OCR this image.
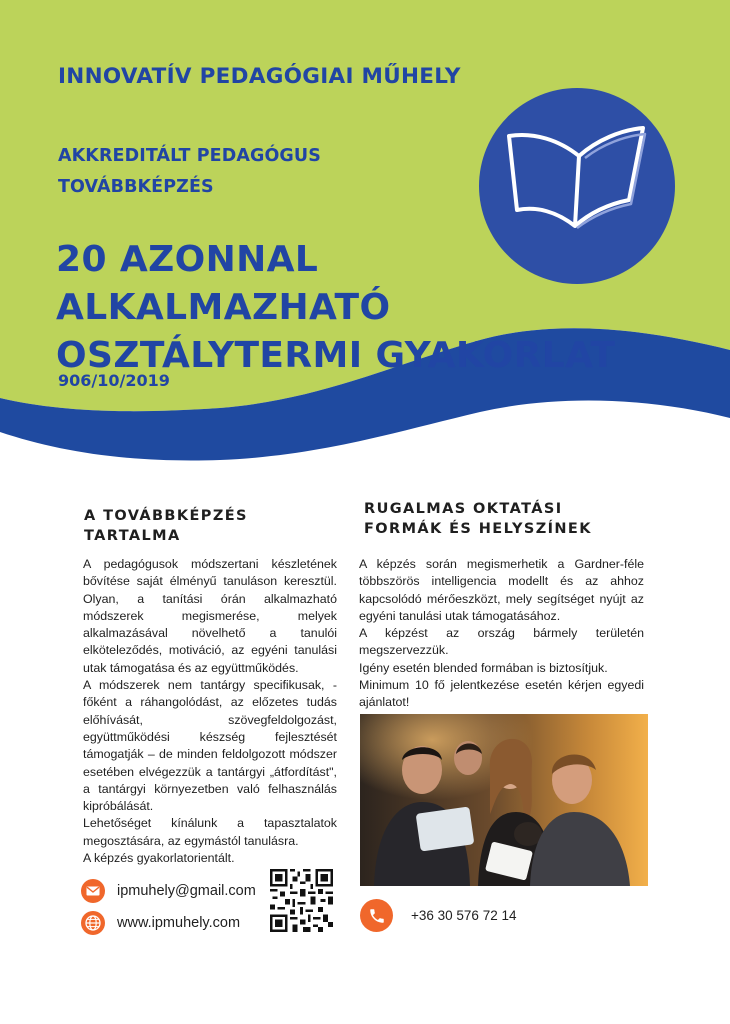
INNOVATÍV PEDAGÓGIAI MŰHELY
AKKREDITÁLT PEDAGÓGUS
TOVÁBBKÉPZÉS
20 AZONNAL
ALKALMAZHATÓ
OSZTÁLYTERMI GYAKORLAT
906/10/2019
A TOVÁBBKÉPZÉS
TARTALMA

A pedagógusok módszertani készletének bővítése saját élményű tanuláson keresztül. Olyan, a tanítási órán alkalmazható módszerek megismerése, melyek alkalmazásával növelhető a tanulói elköteleződés, motiváció, az egyéni tanulási utak támogatása és az együttműködés.

A módszerek nem tantárgy specifikusak, - főként a ráhangolódást, az előzetes tudás előhívását, szövegfeldolgozást, együttműködési készség fejlesztését támogatják – de minden feldolgozott módszer esetében elvégezzük a tantárgyi „átfordítást", a tantárgyi környezetben való felhasználás kipróbálását.

Lehetőséget kínálunk a tapasztalatok megosztására, az egymástól tanulásra.

A képzés gyakorlatorientált.

RUGALMAS OKTATÁSI
FORMÁK ÉS HELYSZÍNEK

A képzés során megismerhetik a Gardner-féle többszörös intelligencia modellt és az ahhoz kapcsolódó mérőeszközt, mely segítséget nyújt az egyéni tanulási utak támogatásához.

A képzést az ország bármely területén megszervezzük.

Igény esetén blended formában is biztosítjuk.

Minimum 10 fő jelentkezése esetén kérjen egyedi ajánlatot!

ipmuhely@gmail.com
www.ipmuhely.com	+36 30 576 72 14
